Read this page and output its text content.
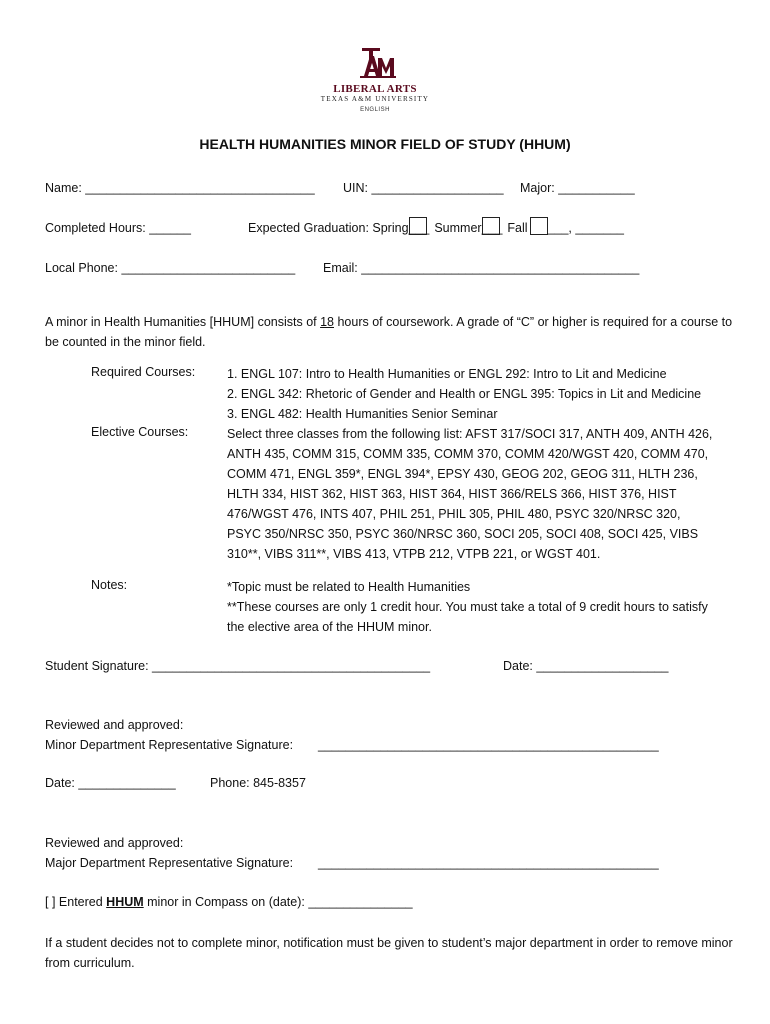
LIBERAL ARTS
TEXAS A&M UNIVERSITY
ENGLISH
HEALTH HUMANITIES MINOR FIELD OF STUDY (HHUM)
Name: _________________________________ UIN: ___________________ Major: ___________
Completed Hours: ______	Expected Graduation: Spring___ Summer___ Fall ___, _______
Local Phone: _________________________ Email: ________________________________________
A minor in Health Humanities [HHUM] consists of 18 hours of coursework. A grade of “C” or higher is required for a course to be counted in the minor field.
Required Courses:	1. ENGL 107: Intro to Health Humanities or ENGL 292: Intro to Lit and Medicine
2. ENGL 342: Rhetoric of Gender and Health or ENGL 395: Topics in Lit and Medicine
3. ENGL 482: Health Humanities Senior Seminar
Elective Courses:	Select three classes from the following list: AFST 317/SOCI 317, ANTH 409, ANTH 426, ANTH 435, COMM 315, COMM 335, COMM 370, COMM 420/WGST 420, COMM 470, COMM 471, ENGL 359*, ENGL 394*, EPSY 430, GEOG 202, GEOG 311, HLTH 236, HLTH 334, HIST 362, HIST 363, HIST 364, HIST 366/RELS 366, HIST 376, HIST 476/WGST 476, INTS 407, PHIL 251, PHIL 305, PHIL 480, PSYC 320/NRSC 320, PSYC 350/NRSC 350, PSYC 360/NRSC 360, SOCI 205, SOCI 408, SOCI 425, VIBS 310**, VIBS 311**, VIBS 413, VTPB 212, VTPB 221, or WGST 401.
Notes:	*Topic must be related to Health Humanities
**These courses are only 1 credit hour. You must take a total of 9 credit hours to satisfy the elective area of the HHUM minor.
Student Signature: ________________________________________	Date: ___________________
Reviewed and approved:
Minor Department Representative Signature: _________________________________________________
Date: ______________	Phone: 845-8357
Reviewed and approved:
Major Department Representative Signature: _________________________________________________
[ ] Entered HHUM minor in Compass on (date): _______________
If a student decides not to complete minor, notification must be given to student’s major department in order to remove minor from curriculum.
